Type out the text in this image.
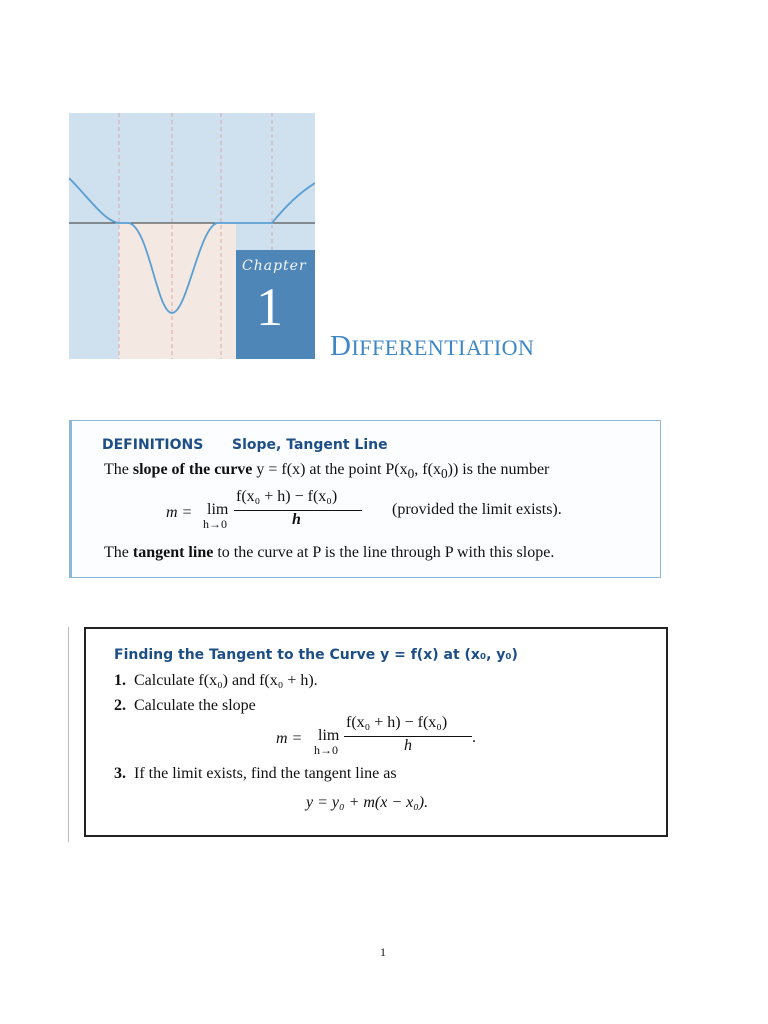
Chapter
1
DIFFERENTIATION
DEFINITIONS Slope, Tangent Line
The slope of the curve y = f(x) at the point $P(x_0$, $f(x_0)$) is the number
m = lim
h→0
f(x₀ + h) − f(x₀)
h
(provided the limit exists).
The tangent line to the curve at P is the line through P with this slope.
Finding the Tangent to the Curve y = f(x) at (x₀, y₀)
1. Calculate f(x₀) and f(x₀ + h).
2. Calculate the slope
m = lim
h→0
f(x₀ + h) − f(x₀)
h	.
3. If the limit exists, find the tangent line as
y = y₀ + m(x − x₀).
1
